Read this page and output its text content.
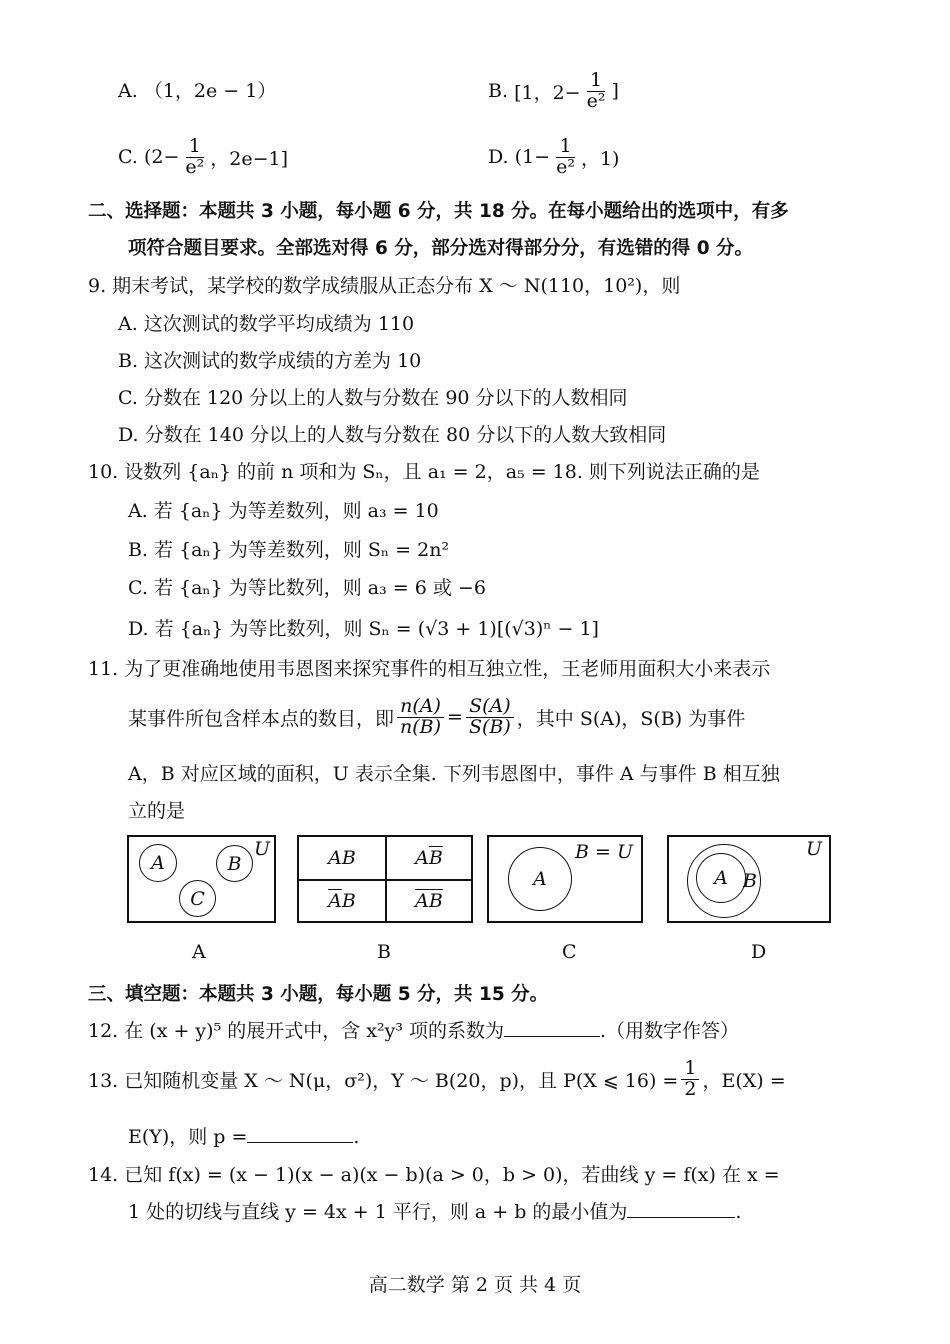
A. （1，2e − 1）	B.
[1，$2- \frac{1}{\text{e²}}$ ]
C.
($2- \frac{1}{\text{e²}}$ ，2e−1]	D.
($1- \frac{1}{\text{e²}}$ ，1)
二、选择题：本题共 3 小题，每小题 6 分，共 18 分。在每小题给出的选项中，有多
项符合题目要求。全部选对得 6 分，部分选对得部分分，有选错的得 0 分。
9. 期末考试，某学校的数学成绩服从正态分布 X ～ N(110，10²)，则
A. 这次测试的数学平均成绩为 110
B. 这次测试的数学成绩的方差为 10
C. 分数在 120 分以上的人数与分数在 90 分以下的人数相同
D. 分数在 140 分以上的人数与分数在 80 分以下的人数大致相同
10. 设数列 {aₙ} 的前 n 项和为 Sₙ，且 a₁ = 2，a₅ = 18. 则下列说法正确的是
A. 若 {aₙ} 为等差数列，则 a₃ = 10
B. 若 {aₙ} 为等差数列，则 Sₙ = 2n²
C. 若 {aₙ} 为等比数列，则 a₃ = 6 或 −6
D. 若 {aₙ} 为等比数列，则 Sₙ = (√3 + 1)[(√3)ⁿ − 1]
11. 为了更准确地使用韦恩图来探究事件的相互独立性，王老师用面积大小来表示
某事件所包含样本点的数目，即 $\frac{n(A)}{n(B)} = \frac{S(A)}{S(B)}$ ，其中 S(A)，S(B) 为事件
A，B 对应区域的面积，U 表示全集. 下列韦恩图中，事件 A 与事件 B 相互独
立的是
U
A	B
C
A
AB	A $\overline{B}$
$\overline{A}$ B	$\overline{A}$ $\overline{B}$
B
B = U
A
C
U
B
A
D
三、填空题：本题共 3 小题，每小题 5 分，共 15 分。
12. 在 (x + y)⁵ 的展开式中，含 x²y³ 项的系数为	.（用数字作答）
13. 已知随机变量 X ～ N(μ，σ²)，Y ～ B(20，p)，且 P(X ⩽ $16) = \frac{1}{2}$ ，E(X) =
E(Y)，则 p =	.
14. 已知 f(x) = (x − 1)(x − a)(x − b)(a > 0，b > 0)，若曲线 y = f(x) 在 x =
1 处的切线与直线 y = 4x + 1 平行，则 a + b 的最小值为	.
高二数学 第 2 页 共 4 页
